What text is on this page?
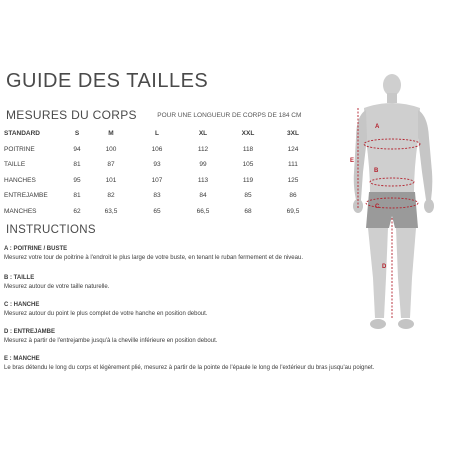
GUIDE DES TAILLES
MESURES DU CORPS	POUR UNE LONGUEUR DE CORPS DE 184 CM
STANDARD	S	M	L	XL	XXL	3XL
POITRINE	94	100	106	112	118	124
TAILLE	81	87	93	99	105	111
HANCHES	95	101	107	113	119	125
ENTREJAMBE	81	82	83	84	85	86
MANCHES	62	63,5	65	66,5	68	69,5
INSTRUCTIONS
A : POITRINE / BUSTE
Mesurez votre tour de poitrine à l'endroit le plus large de votre buste, en tenant le ruban fermement et de niveau.
B : TAILLE
Mesurez autour de votre taille naturelle.
C : HANCHE
Mesurez autour du point le plus complet de votre hanche en position debout.
D : ENTREJAMBE
Mesurez à partir de l'entrejambe jusqu'à la cheville inférieure en position debout.
E : MANCHE
Le bras détendu le long du corps et légèrement plié, mesurez à partir de la pointe de l'épaule le long de l'extérieur du bras jusqu'au poignet.
A
B
C
D
E
